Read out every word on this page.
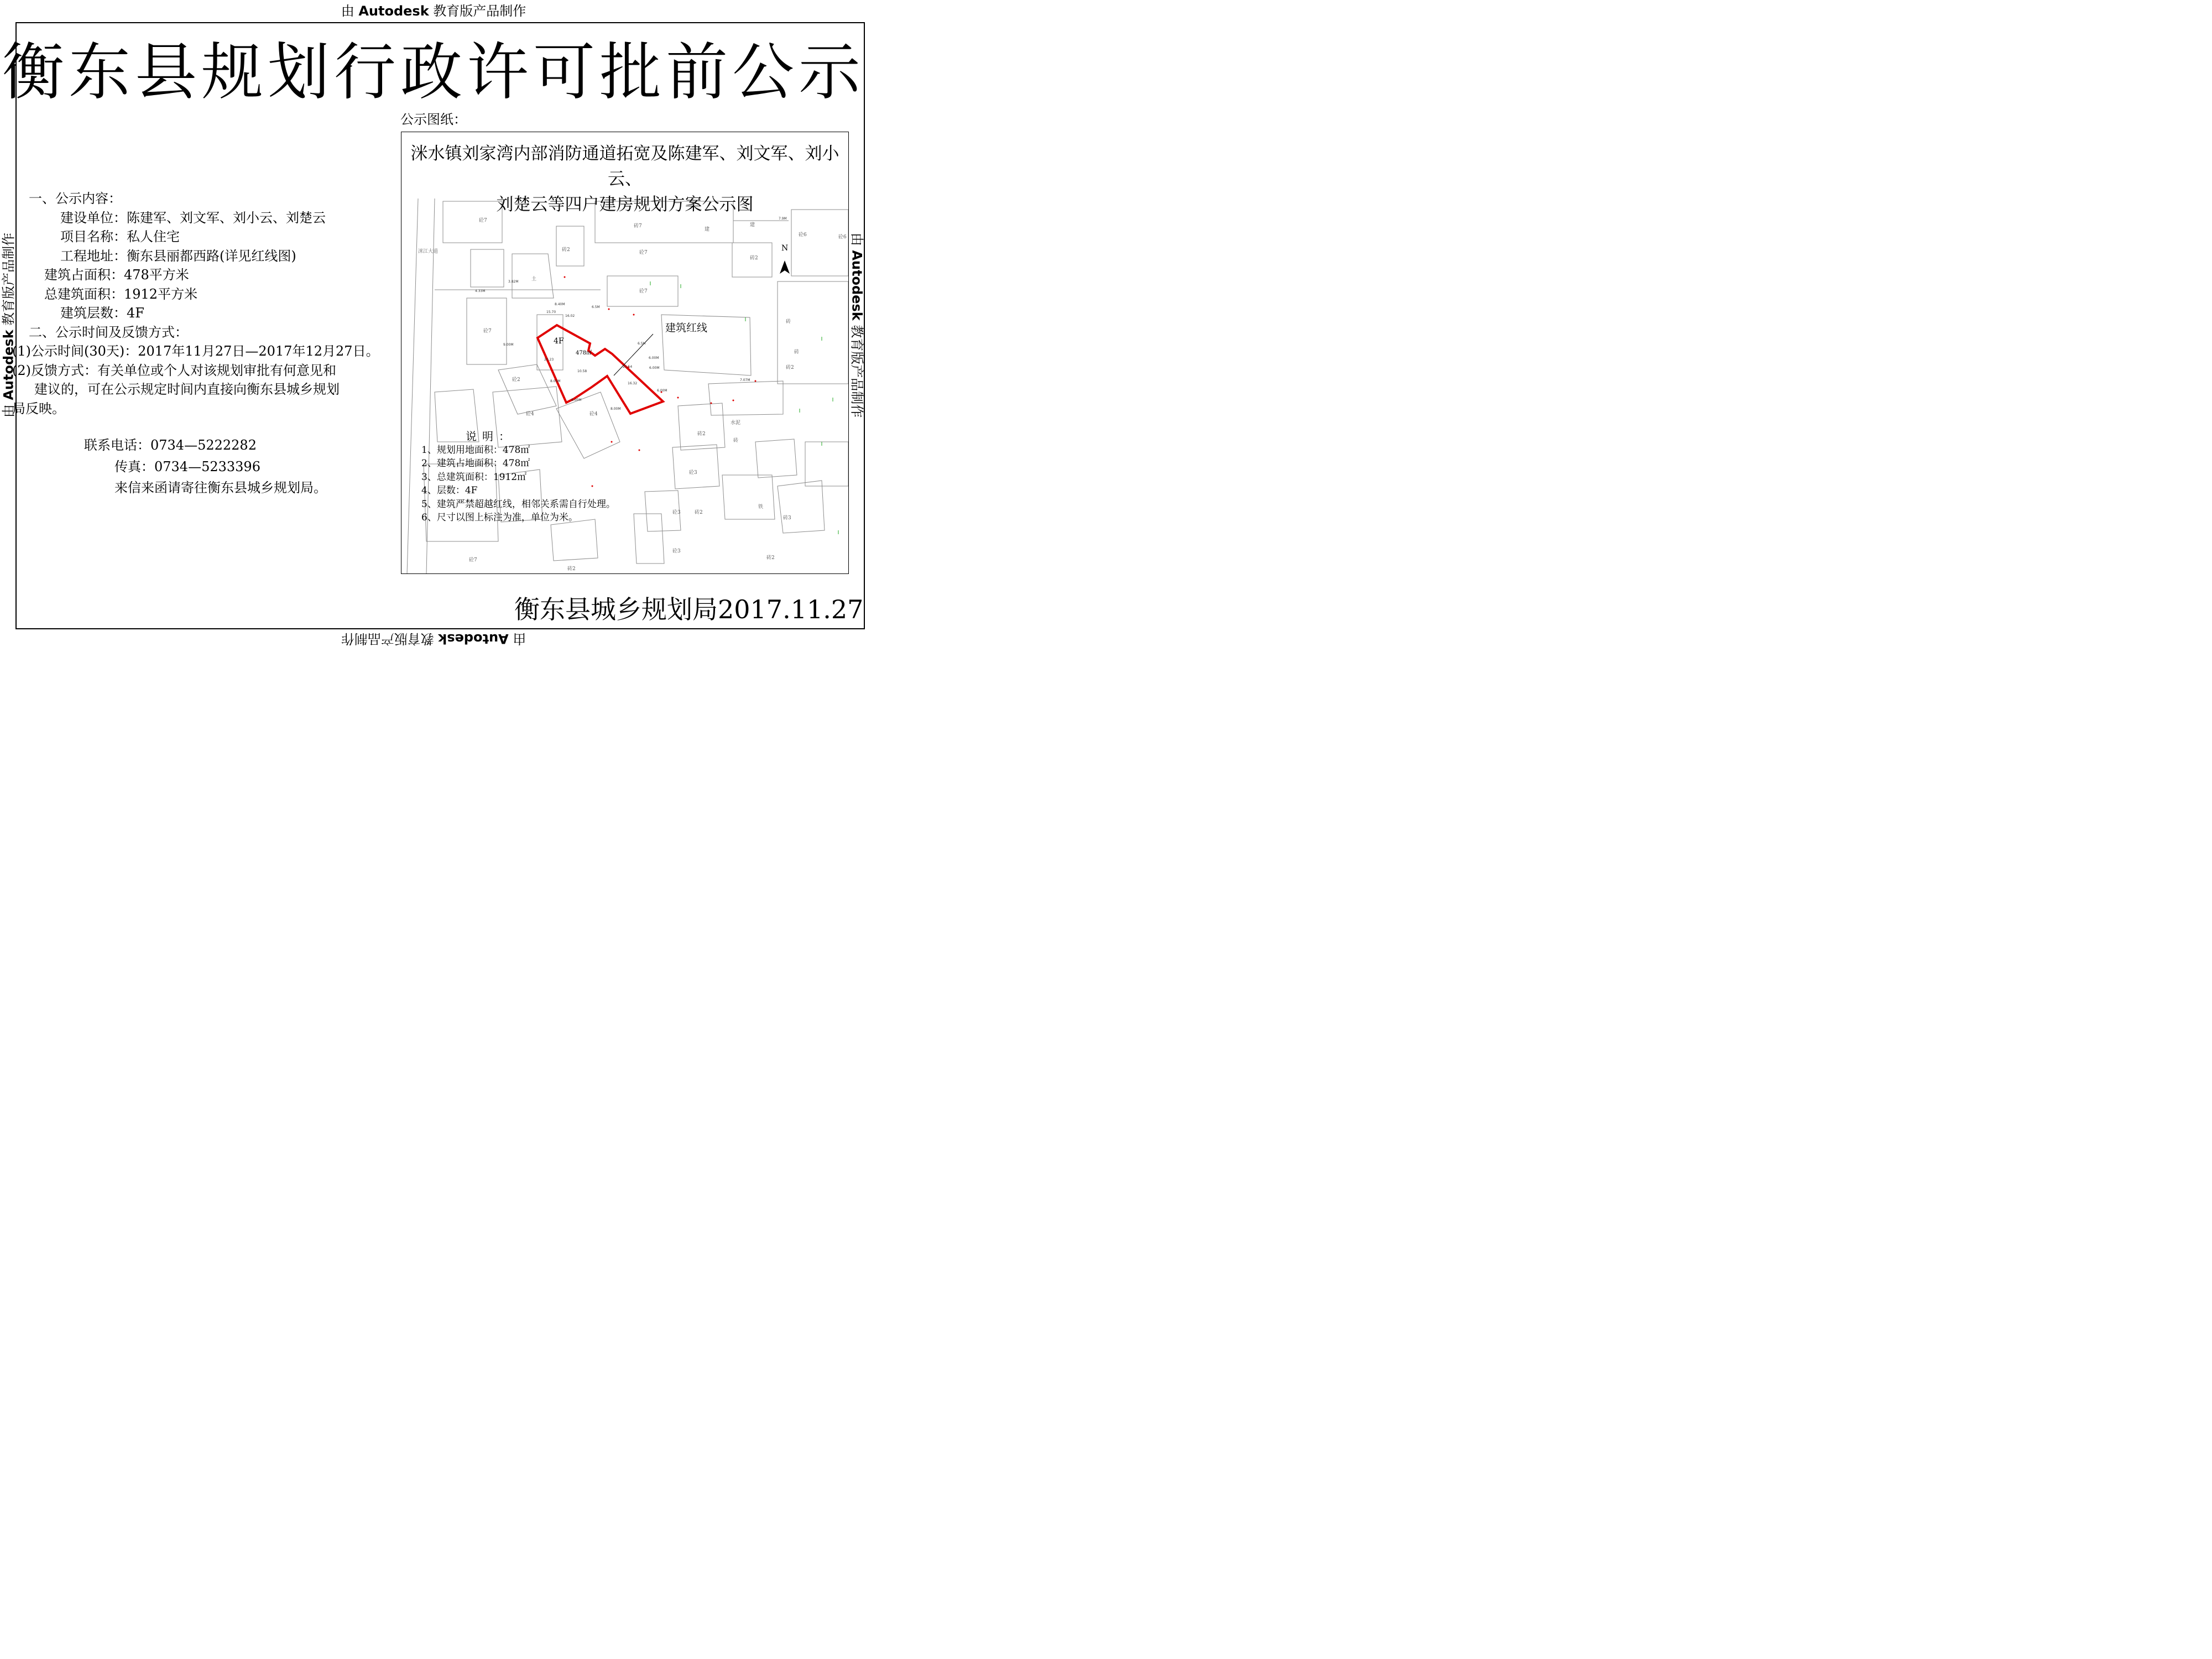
由 Autodesk 教育版产品制作
由 Autodesk 教育版产品制作
由 Autodesk 教育版产品制作	由 Autodesk 教育版产品制作
衡东县规划行政许可批前公示
公示图纸：
一、公示内容：
建设单位：陈建军、刘文军、刘小云、刘楚云
项目名称：私人住宅
工程地址：衡东县丽都西路(详见红线图)
建筑占面积：478平方米
总建筑面积：1912平方米
建筑层数：4F
二、公示时间及反馈方式：
(1)公示时间(30天)：2017年11月27日—2017年12月27日。
(2)反馈方式：有关单位或个人对该规划审批有何意见和
建议的，可在公示规定时间内直接向衡东县城乡规划
局反映。
联系电话：0734—5222282
传真：0734—5233396
来信来函请寄往衡东县城乡规划局。
N
建筑红线
4F
478㎡
洣江大道
砖7
建
建
砼6	砼6
砖2
砖2
砼7
土
砼7
砼7
砼7
砖
砼2
砖
砼4	砼4
砖2
水泥
砖
砖2
砼3
铁
砖3
砼3
砖2
砼3
砖2
砖2
砼7
7.9M
4.33M
3.82M
8.40M
15.70
16.02
6.5M
6.5M
9.00M
20.23
10.58
20.54
16.32
6.00M
6.00M
8.00M
8.00M
8.00M
6.00M
7.07M
洣水镇刘家湾内部消防通道拓宽及陈建军、刘文军、刘小云、
刘楚云等四户建房规划方案公示图
说明：
1、规划用地面积：478㎡
2、建筑占地面积：478㎡
3、总建筑面积：1912㎡
4、层数：4F
5、建筑严禁超越红线，相邻关系需自行处理。
6、尺寸以图上标注为准，单位为米。
衡东县城乡规划局2017.11.27
